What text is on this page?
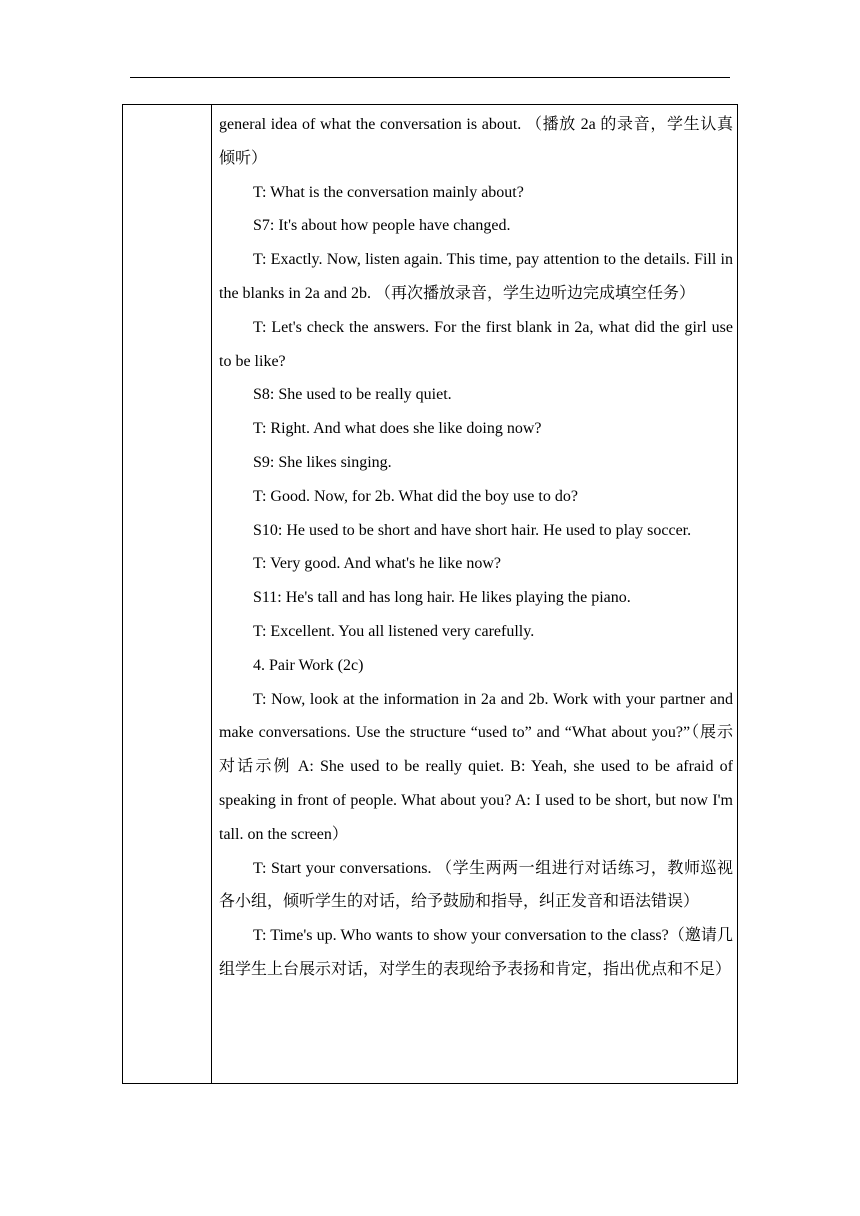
general idea of what the conversation is about. （播放 2a 的录音，学生认真倾听）

T: What is the conversation mainly about?

S7: It's about how people have changed.

T: Exactly. Now, listen again. This time, pay attention to the details. Fill in the blanks in 2a and 2b. （再次播放录音，学生边听边完成填空任务）

T: Let's check the answers. For the first blank in 2a, what did the girl use to be like?

S8: She used to be really quiet.

T: Right. And what does she like doing now?

S9: She likes singing.

T: Good. Now, for 2b. What did the boy use to do?

S10: He used to be short and have short hair. He used to play soccer.

T: Very good. And what's he like now?

S11: He's tall and has long hair. He likes playing the piano.

T: Excellent. You all listened very carefully.

4. Pair Work (2c)

T: Now, look at the information in 2a and 2b. Work with your partner and make conversations. Use the structure “used to” and “What about you?”（展示对话示例 A: She used to be really quiet. B: Yeah, she used to be afraid of speaking in front of people. What about you? A: I used to be short, but now I'm tall. on the screen）

T: Start your conversations. （学生两两一组进行对话练习，教师巡视各小组，倾听学生的对话，给予鼓励和指导，纠正发音和语法错误）

T: Time's up. Who wants to show your conversation to the class?（邀请几组学生上台展示对话，对学生的表现给予表扬和肯定，指出优点和不足）
